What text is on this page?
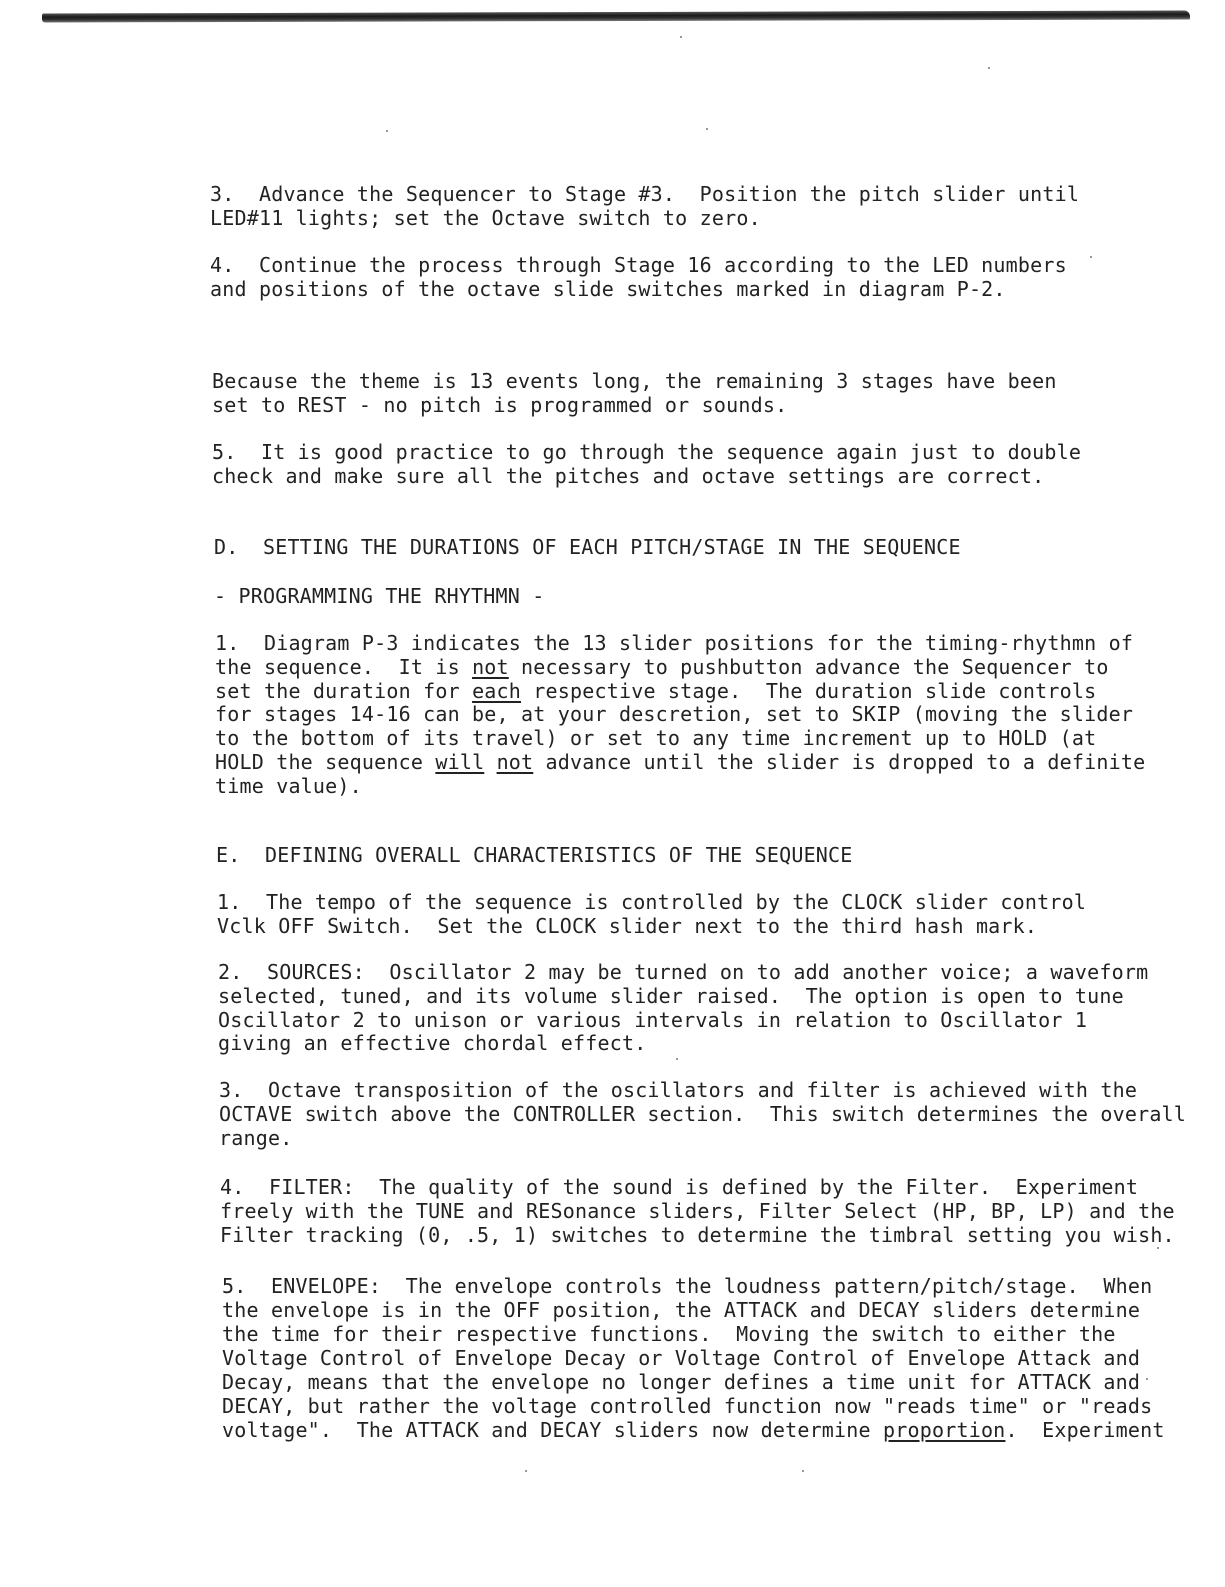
3.  Advance the Sequencer to Stage #3.  Position the pitch slider until
LED#11 lights; set the Octave switch to zero.
4.  Continue the process through Stage 16 according to the LED numbers
and positions of the octave slide switches marked in diagram P-2.
Because the theme is 13 events long, the remaining 3 stages have been
set to REST - no pitch is programmed or sounds.
5.  It is good practice to go through the sequence again just to double
check and make sure all the pitches and octave settings are correct.
D.  SETTING THE DURATIONS OF EACH PITCH/STAGE IN THE SEQUENCE
- PROGRAMMING THE RHYTHMN -
1.  Diagram P-3 indicates the 13 slider positions for the timing-rhythmn of
the sequence.  It is not necessary to pushbutton advance the Sequencer to
set the duration for each respective stage.  The duration slide controls
for stages 14-16 can be, at your descretion, set to SKIP (moving the slider
to the bottom of its travel) or set to any time increment up to HOLD (at
HOLD the sequence will not advance until the slider is dropped to a definite
time value).
E.  DEFINING OVERALL CHARACTERISTICS OF THE SEQUENCE
1.  The tempo of the sequence is controlled by the CLOCK slider control
Vclk OFF Switch.  Set the CLOCK slider next to the third hash mark.
2.  SOURCES:  Oscillator 2 may be turned on to add another voice; a waveform
selected, tuned, and its volume slider raised.  The option is open to tune
Oscillator 2 to unison or various intervals in relation to Oscillator 1
giving an effective chordal effect.
3.  Octave transposition of the oscillators and filter is achieved with the
OCTAVE switch above the CONTROLLER section.  This switch determines the overall
range.
4.  FILTER:  The quality of the sound is defined by the Filter.  Experiment
freely with the TUNE and RESonance sliders, Filter Select (HP, BP, LP) and the
Filter tracking (0, .5, 1) switches to determine the timbral setting you wish.
5.  ENVELOPE:  The envelope controls the loudness pattern/pitch/stage.  When
the envelope is in the OFF position, the ATTACK and DECAY sliders determine
the time for their respective functions.  Moving the switch to either the
Voltage Control of Envelope Decay or Voltage Control of Envelope Attack and
Decay, means that the envelope no longer defines a time unit for ATTACK and
DECAY, but rather the voltage controlled function now "reads time" or "reads
voltage".  The ATTACK and DECAY sliders now determine proportion.  Experiment
